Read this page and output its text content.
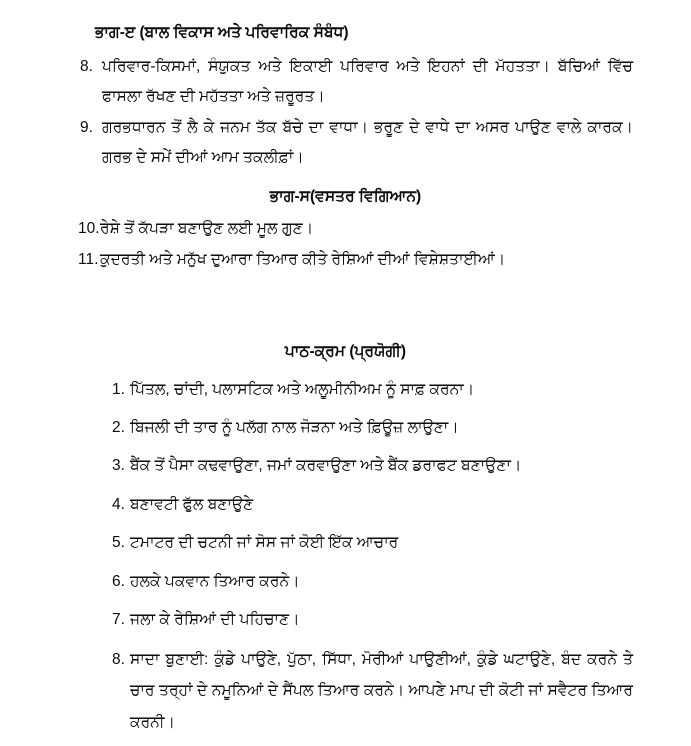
ਭਾਗ-ੲ (ਬਾਲ ਵਿਕਾਸ ਅਤੇ ਪਰਿਵਾਰਿਕ ਸੰਬੰਧ)
8. ਪਰਿਵਾਰ-ਕਿਸਮਾਂ, ਸੰਯੁਕਤ ਅਤੇ ਇਕਾਈ ਪਰਿਵਾਰ ਅਤੇ ਇਹਨਾਂ ਦੀ ਮੱਹਤਤਾ। ਬੱਚਿਆਂ ਵਿੱਚ ਫਾਸਲਾ ਰੱਖਣ ਦੀ ਮਹੱਤਤਾ ਅਤੇ ਜ਼ਰੂਰਤ।
9. ਗਰਭਧਾਰਨ ਤੋਂ ਲੈ ਕੇ ਜਨਮ ਤੱਕ ਬੱਚੇ ਦਾ ਵਾਧਾ। ਭਰੂਣ ਦੇ ਵਾਧੇ ਦਾ ਅਸਰ ਪਾਉਣ ਵਾਲੇ ਕਾਰਕ। ਗਰਭ ਦੇ ਸਮੇਂ ਦੀਆਂ ਆਮ ਤਕਲੀਫ਼ਾਂ।
ਭਾਗ-ਸ(ਵਸਤਰ ਵਿਗਿਆਨ)
10. ਰੇਸ਼ੇ ਤੋਂ ਕੱਪੜਾ ਬਣਾਉਣ ਲਈ ਮੂਲ ਗੁਣ।
11. ਕੁਦਰਤੀ ਅਤੇ ਮਨੁੱਖ ਦੁਆਰਾ ਤਿਆਰ ਕੀਤੇ ਰੇਸ਼ਿਆਂ ਦੀਆਂ ਵਿਸ਼ੇਸ਼ਤਾਈਆਂ।
ਪਾਠ-ਕ੍ਰਮ (ਪ੍ਰਯੋਗੀ)
1. ਪਿੱਤਲ, ਚਾਂਦੀ, ਪਲਾਸਟਿਕ ਅਤੇ ਅਲੂਮੀਨੀਅਮ ਨੂੰ ਸਾਫ਼ ਕਰਨਾ।
2. ਬਿਜਲੀ ਦੀ ਤਾਰ ਨੂੰ ਪਲੱਗ ਨਾਲ ਜੋੜਨਾ ਅਤੇ ਫ਼ਿਊਜ਼ ਲਾਉਣਾ।
3. ਬੈਂਕ ਤੋਂ ਪੈਸਾ ਕਢਵਾਉਣਾ, ਜਮਾਂ ਕਰਵਾਉਣਾ ਅਤੇ ਬੈਂਕ ਡਰਾਫਟ ਬਣਾਉਣਾ।
4. ਬਣਾਵਟੀ ਫੁੱਲ ਬਣਾਉਣੇ
5. ਟਮਾਟਰ ਦੀ ਚਟਨੀ ਜਾਂ ਸੋਸ ਜਾਂ ਕੋਈ ਇੱਕ ਆਚਾਰ
6. ਹਲਕੇ ਪਕਵਾਨ ਤਿਆਰ ਕਰਨੇ।
7. ਜਲਾ ਕੇ ਰੇਸ਼ਿਆਂ ਦੀ ਪਹਿਚਾਣ।
8. ਸਾਦਾ ਬੁਣਾਈ: ਕੁੰਡੇ ਪਾਉਣੇ, ਪੁੱਠਾ, ਸਿੱਧਾ, ਮੋਰੀਆਂ ਪਾਉਣੀਆਂ, ਕੁੰਡੇ ਘਟਾਉਣੇ, ਬੰਦ ਕਰਨੇ ਤੇ ਚਾਰ ਤਰ੍ਹਾਂ ਦੇ ਨਮੂਨਿਆਂ ਦੇ ਸੈਂਪਲ ਤਿਆਰ ਕਰਨੇ। ਆਪਣੇ ਮਾਪ ਦੀ ਕੋਟੀ ਜਾਂ ਸਵੈਟਰ ਤਿਆਰ ਕਰਨੀ।
